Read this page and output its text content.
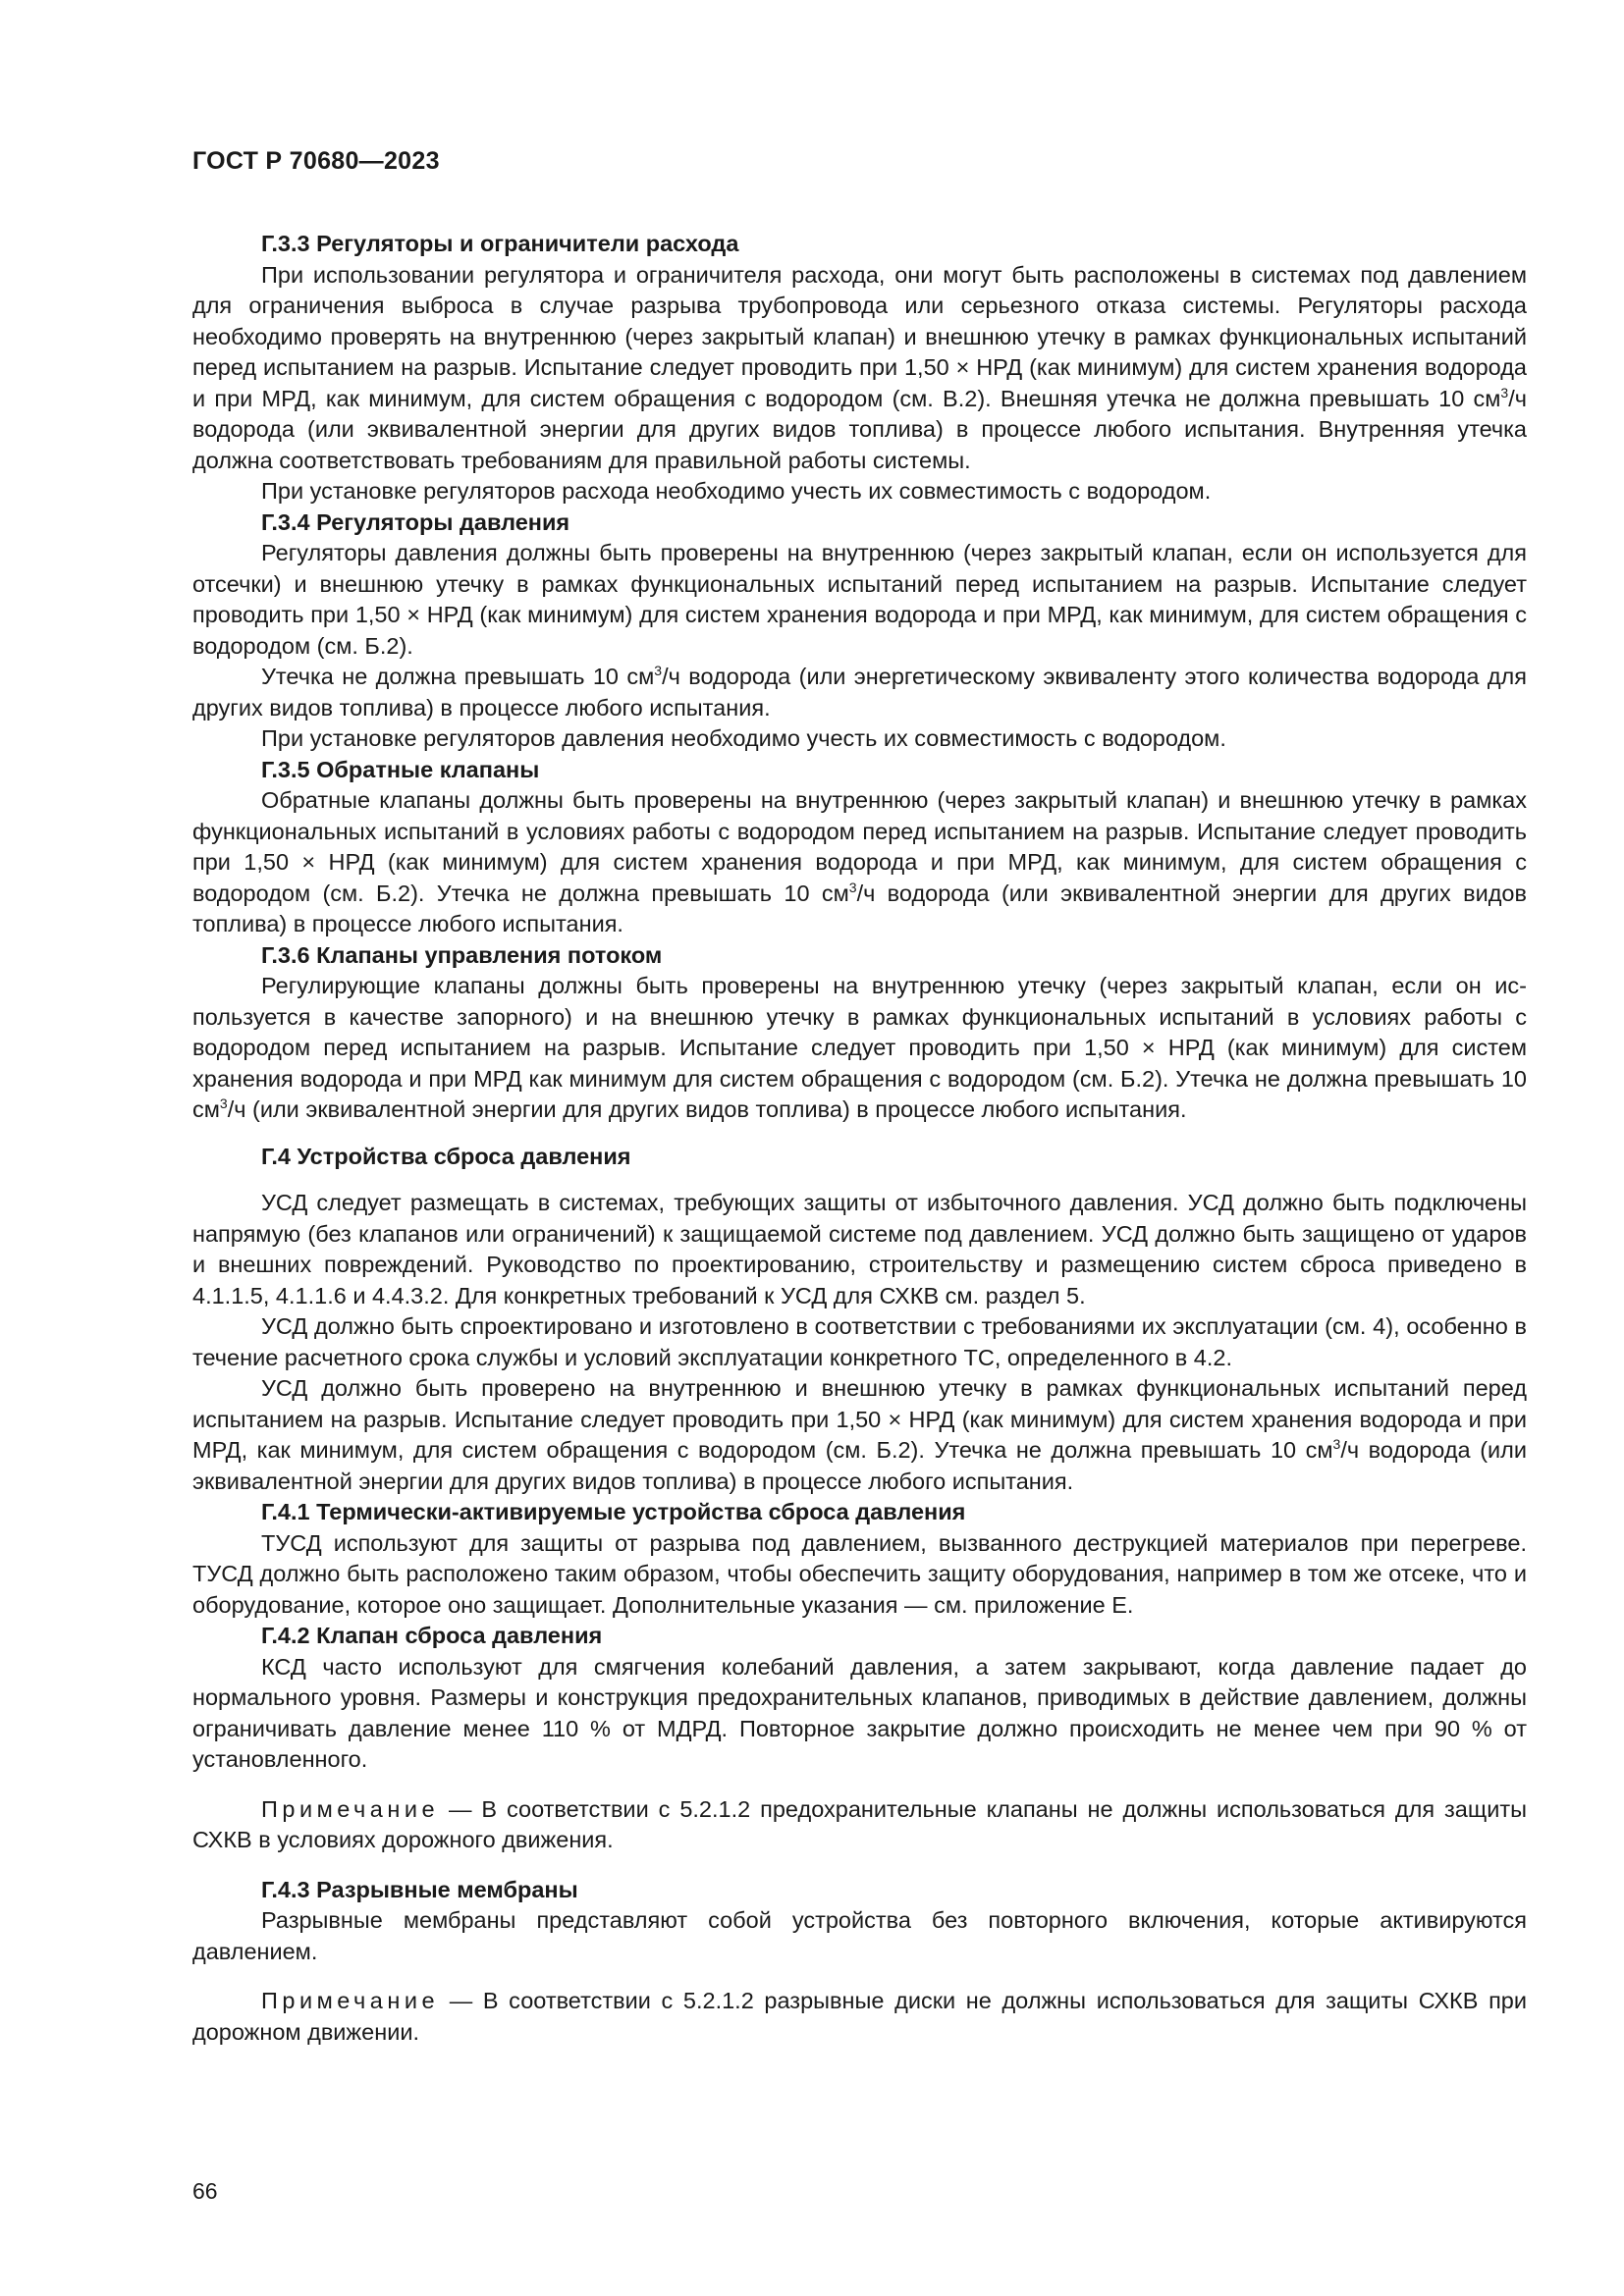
ГОСТ Р 70680—2023

Г.3.3 Регуляторы и ограничители расхода

При использовании регулятора и ограничителя расхода, они могут быть расположены в системах под давлением для ограничения выброса в случае разрыва трубопровода или серьезного отказа системы. Регуляторы расхода необходимо проверять на внутреннюю (через закрытый клапан) и внешнюю утечку в рамках функциональных испытаний перед испытанием на разрыв. Испытание следует проводить при 1,50 × НРД (как минимум) для систем хранения водорода и при МРД, как минимум, для систем обращения с водородом (см. В.2). Внешняя утечка не должна превышать 10 $см^3/ч$ водорода (или эквивалентной энергии для других видов топлива) в процессе любого испытания. Внутренняя утечка должна соответствовать требованиям для правильной работы системы.

При установке регуляторов расхода необходимо учесть их совместимость с водородом.

Г.3.4 Регуляторы давления

Регуляторы давления должны быть проверены на внутреннюю (через закрытый клапан, если он используется для отсечки) и внешнюю утечку в рамках функциональных испытаний перед испытанием на разрыв. Испытание следует проводить при 1,50 × НРД (как минимум) для систем хранения водорода и при МРД, как минимум, для систем обращения с водородом (см. Б.2).

Утечка не должна превышать 10 $см^3/ч$ водорода (или энергетическому эквиваленту этого количества водорода для других видов топлива) в процессе любого испытания.

При установке регуляторов давления необходимо учесть их совместимость с водородом.

Г.3.5 Обратные клапаны

Обратные клапаны должны быть проверены на внутреннюю (через закрытый клапан) и внешнюю утечку в рамках функциональных испытаний в условиях работы с водородом перед испытанием на разрыв. Испытание следует проводить при 1,50 × НРД (как минимум) для систем хранения водорода и при МРД, как минимум, для систем обращения с водородом (см. Б.2). Утечка не должна превышать 10 $см^3/ч$ водорода (или эквивалентной энергии для других видов топлива) в процессе любого испытания.

Г.3.6 Клапаны управления потоком

Регулирующие клапаны должны быть проверены на внутреннюю утечку (через закрытый клапан, если он используется в качестве запорного) и на внешнюю утечку в рамках функциональных испытаний в условиях работы с водородом перед испытанием на разрыв. Испытание следует проводить при 1,50 × НРД (как минимум) для систем хранения водорода и при МРД как минимум для систем обращения с водородом (см. Б.2). Утечка не должна превышать 10 $см^3/ч$ (или эквивалентной энергии для других видов топлива) в процессе любого испытания.

Г.4 Устройства сброса давления

УСД следует размещать в системах, требующих защиты от избыточного давления. УСД должно быть подключены напрямую (без клапанов или ограничений) к защищаемой системе под давлением. УСД должно быть защищено от ударов и внешних повреждений. Руководство по проектированию, строительству и размещению систем сброса приведено в 4.1.1.5, 4.1.1.6 и 4.4.3.2. Для конкретных требований к УСД для СХКВ см. раздел 5.

УСД должно быть спроектировано и изготовлено в соответствии с требованиями их эксплуатации (см. 4), особенно в течение расчетного срока службы и условий эксплуатации конкретного ТС, определенного в 4.2.

УСД должно быть проверено на внутреннюю и внешнюю утечку в рамках функциональных испытаний перед испытанием на разрыв. Испытание следует проводить при 1,50 × НРД (как минимум) для систем хранения водорода и при МРД, как минимум, для систем обращения с водородом (см. Б.2). Утечка не должна превышать 10 $см^3/ч$ водорода (или эквивалентной энергии для других видов топлива) в процессе любого испытания.

Г.4.1 Термически-активируемые устройства сброса давления

ТУСД используют для защиты от разрыва под давлением, вызванного деструкцией материалов при перегреве. ТУСД должно быть расположено таким образом, чтобы обеспечить защиту оборудования, например в том же отсеке, что и оборудование, которое оно защищает. Дополнительные указания — см. приложение Е.

Г.4.2 Клапан сброса давления

КСД часто используют для смягчения колебаний давления, а затем закрывают, когда давление падает до нормального уровня. Размеры и конструкция предохранительных клапанов, приводимых в действие давлением, должны ограничивать давление менее 110 % от МДРД. Повторное закрытие должно происходить не менее чем при 90 % от установленного.

Примечание — В соответствии с 5.2.1.2 предохранительные клапаны не должны использоваться для защиты СХКВ в условиях дорожного движения.

Г.4.3 Разрывные мембраны

Разрывные мембраны представляют собой устройства без повторного включения, которые активируются давлением.

Примечание — В соответствии с 5.2.1.2 разрывные диски не должны использоваться для защиты СХКВ при дорожном движении.

66
